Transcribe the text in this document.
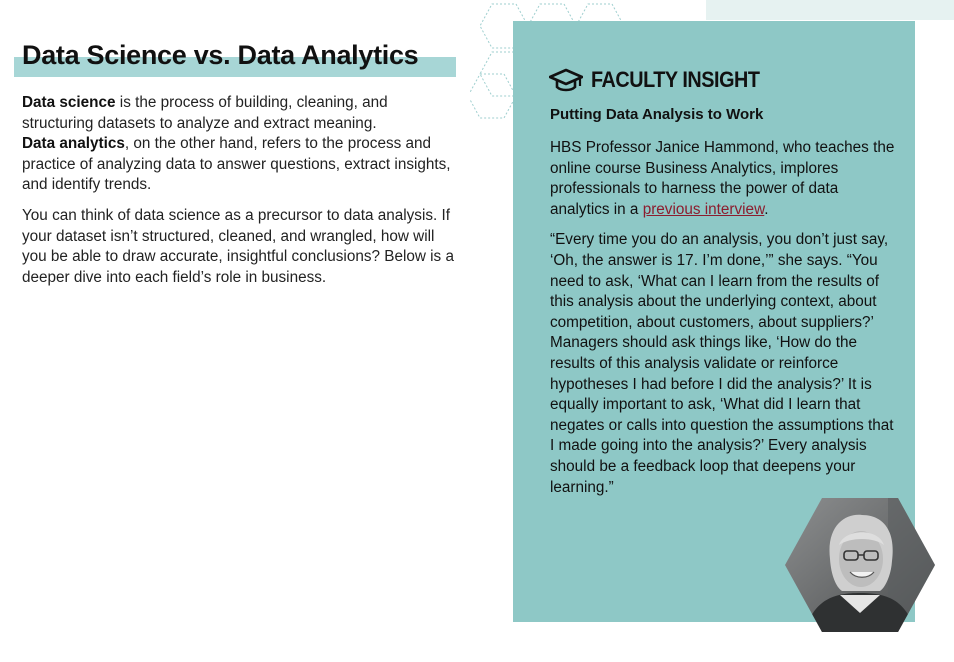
Data Science vs. Data Analytics

Data science is the process of building, cleaning, and structuring datasets to analyze and extract meaning.
Data analytics, on the other hand, refers to the process and practice of analyzing data to answer questions, extract insights, and identify trends.

You can think of data science as a precursor to data analysis. If your dataset isn’t structured, cleaned, and wrangled, how will you be able to draw accurate, insightful conclusions? Below is a deeper dive into each field’s role in business.

FACULTY INSIGHT
Putting Data Analysis to Work

HBS Professor Janice Hammond, who teaches the online course Business Analytics, implores professionals to harness the power of data analytics in a previous interview.

“Every time you do an analysis, you don’t just say, ‘Oh, the answer is 17. I’m done,’” she says. “You need to ask, ‘What can I learn from the results of this analysis about the underlying context, about competition, about customers, about suppliers?’ Managers should ask things like, ‘How do the results of this analysis validate or reinforce hypotheses I had before I did the analysis?’ It is equally important to ask, ‘What did I learn that negates or calls into question the assumptions that I made going into the analysis?’ Every analysis should be a feedback loop that deepens your learning.”
